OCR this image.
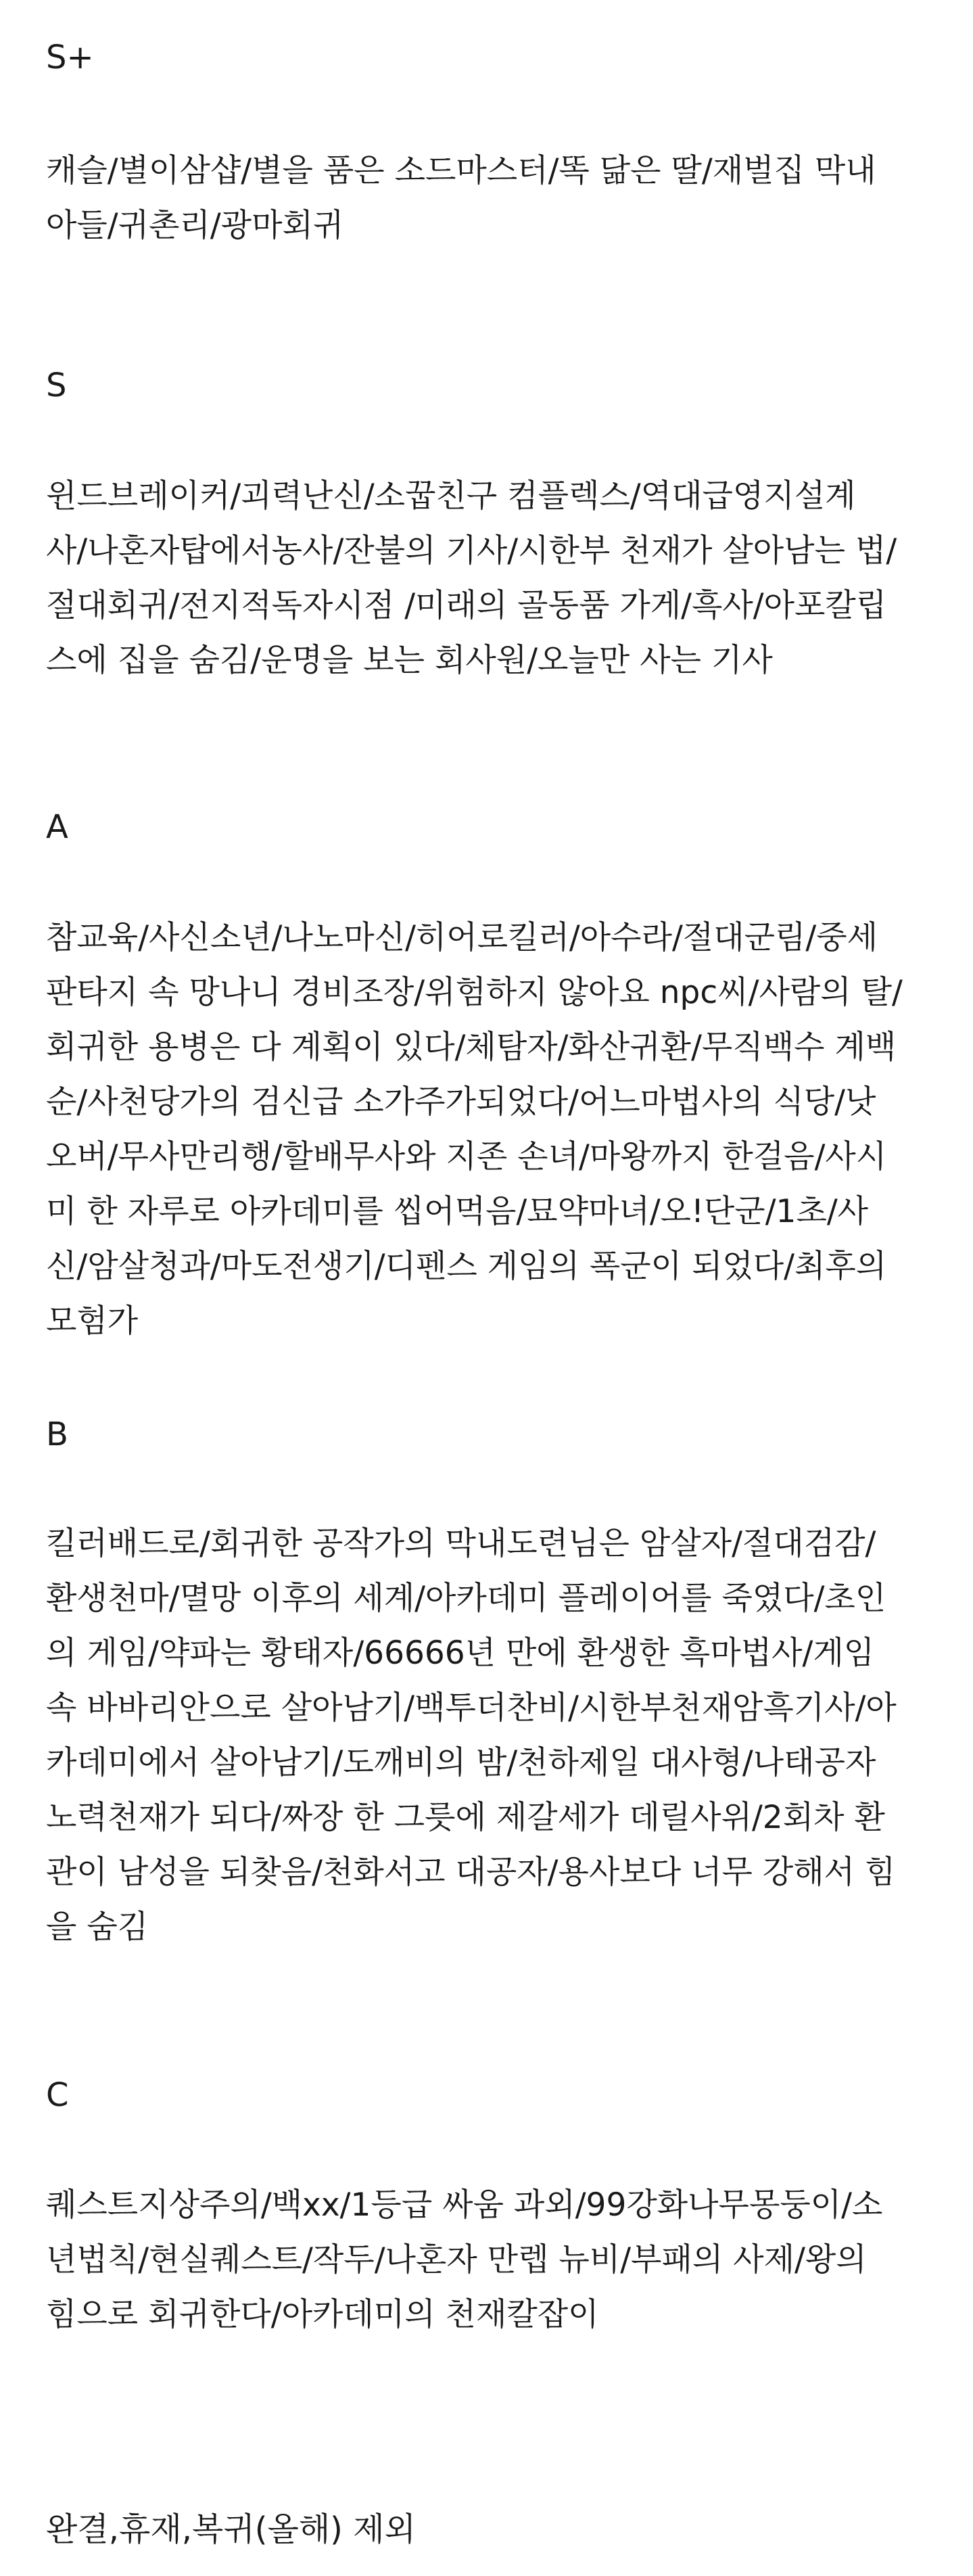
S+

캐슬/별이삼샵/별을 품은 소드마스터/똑 닮은 딸/재벌집 막내
아들/귀촌리/광마회귀

S

윈드브레이커/괴력난신/소꿉친구 컴플렉스/역대급영지설계
사/나혼자탑에서농사/잔불의 기사/시한부 천재가 살아남는 법/
절대회귀/전지적독자시점 /미래의 골동품 가게/흑사/아포칼립
스에 집을 숨김/운명을 보는 회사원/오늘만 사는 기사

A

참교육/사신소년/나노마신/히어로킬러/아수라/절대군림/중세
판타지 속 망나니 경비조장/위험하지 않아요 npc씨/사람의 탈/
회귀한 용병은 다 계획이 있다/체탐자/화산귀환/무직백수 계백
순/사천당가의 검신급 소가주가되었다/어느마법사의 식당/낫
오버/무사만리행/할배무사와 지존 손녀/마왕까지 한걸음/사시
미 한 자루로 아카데미를 씹어먹음/묘약마녀/오!단군/1초/사
신/암살청과/마도전생기/디펜스 게임의 폭군이 되었다/최후의
모험가

B

킬러배드로/회귀한 공작가의 막내도련님은 암살자/절대검감/
환생천마/멸망 이후의 세계/아카데미 플레이어를 죽였다/초인
의 게임/약파는 황태자/66666년 만에 환생한 흑마법사/게임
속 바바리안으로 살아남기/백투더찬비/시한부천재암흑기사/아
카데미에서 살아남기/도깨비의 밤/천하제일 대사형/나태공자
노력천재가 되다/짜장 한 그릇에 제갈세가 데릴사위/2회차 환
관이 남성을 되찾음/천화서고 대공자/용사보다 너무 강해서 힘
을 숨김

C

퀘스트지상주의/백xx/1등급 싸움 과외/99강화나무몽둥이/소
년법칙/현실퀘스트/작두/나혼자 만렙 뉴비/부패의 사제/왕의
힘으로 회귀한다/아카데미의 천재칼잡이

완결,휴재,복귀(올해) 제외
